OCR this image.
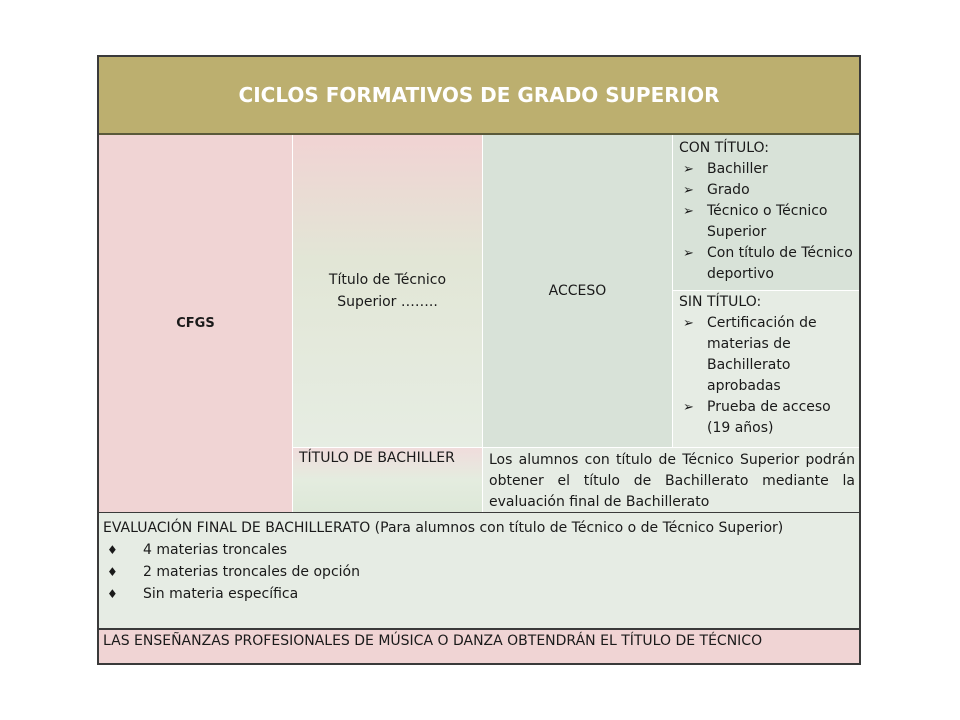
CICLOS FORMATIVOS DE GRADO SUPERIOR
CFGS
Título de Técnico Superior ……..
ACCESO
CON TÍTULO:
➢ Bachiller
➢ Grado
➢ Técnico o Técnico Superior
➢ Con título de Técnico deportivo
SIN TÍTULO:
➢ Certificación de materias de Bachillerato aprobadas
➢ Prueba de acceso (19 años)
TÍTULO DE BACHILLER	Los alumnos con título de Técnico Superior podrán obtener el título de Bachillerato mediante la evaluación final de Bachillerato
EVALUACIÓN FINAL DE BACHILLERATO (Para alumnos con título de Técnico o de Técnico Superior)
♦ 4 materias troncales
♦ 2 materias troncales de opción
♦ Sin materia específica
LAS ENSEÑANZAS PROFESIONALES DE MÚSICA O DANZA OBTENDRÁN EL TÍTULO DE TÉCNICO
